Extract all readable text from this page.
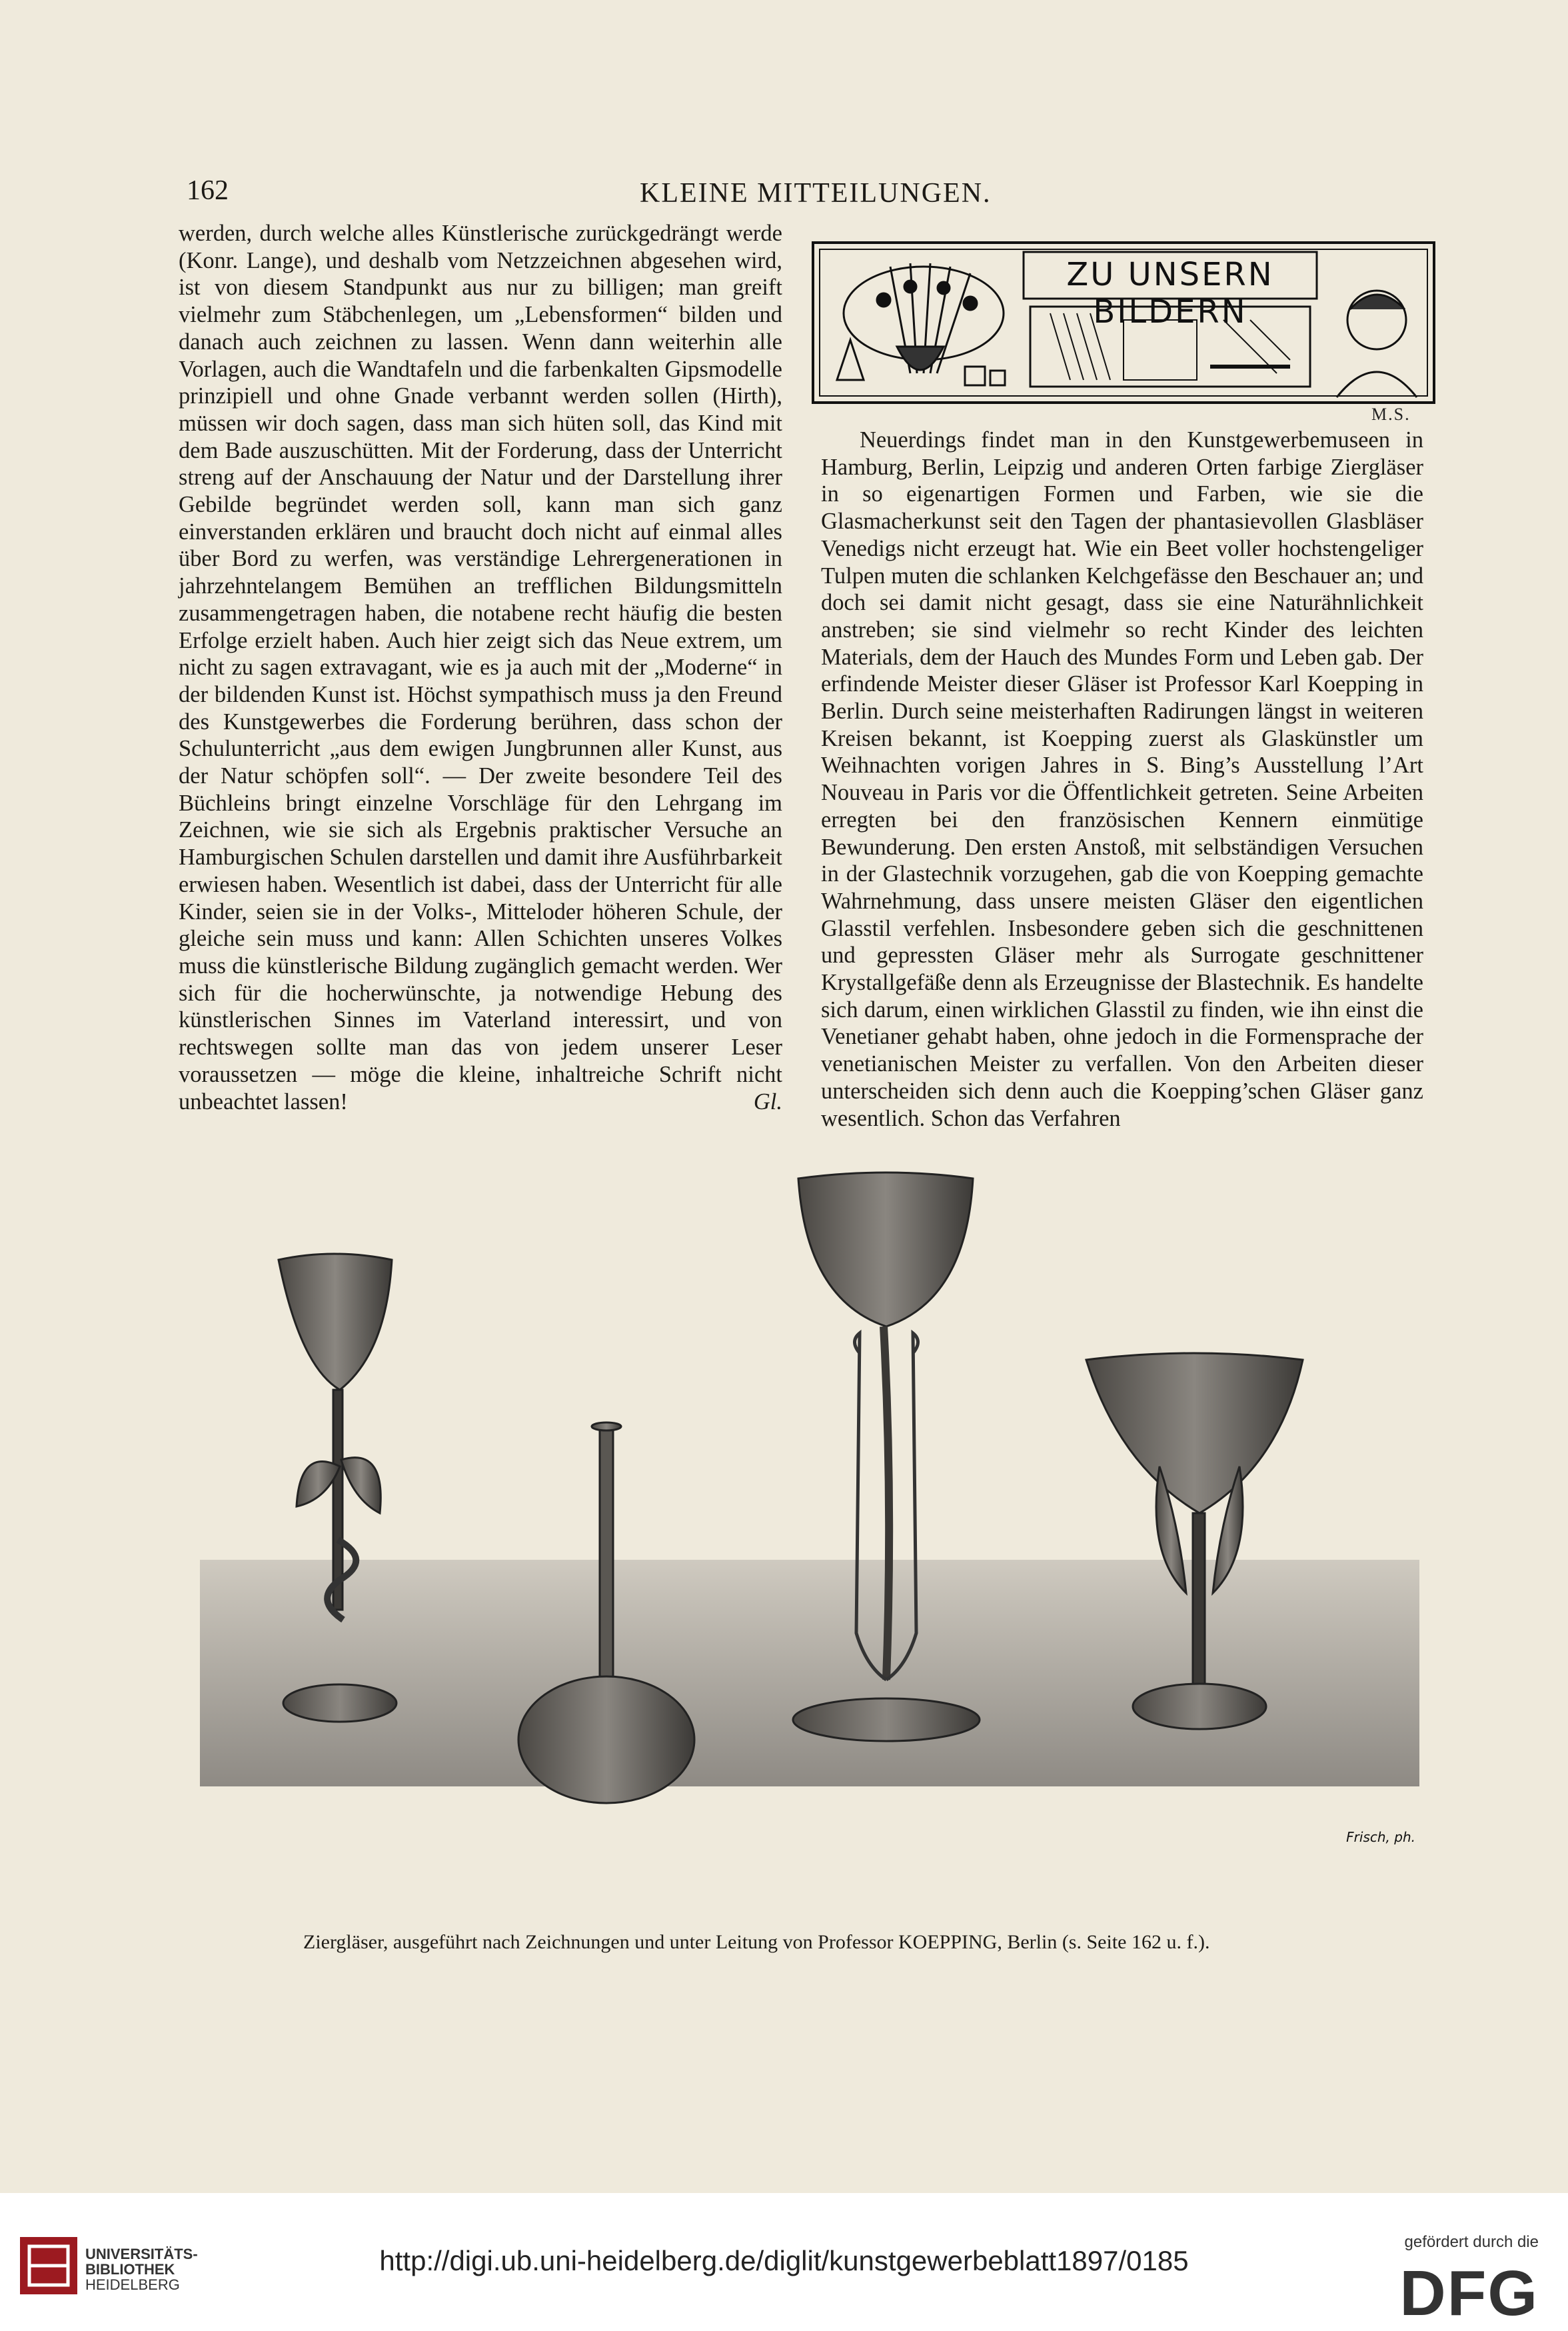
162	KLEINE MITTEILUNGEN.

werden, durch welche alles Künstlerische zurückgedrängt werde (Konr. Lange), und deshalb vom Netzzeichnen abgesehen wird, ist von diesem Standpunkt aus nur zu billigen; man greift vielmehr zum Stäbchenlegen, um „Lebensformen“ bilden und danach auch zeichnen zu lassen. Wenn dann weiterhin alle Vorlagen, auch die Wandtafeln und die farbenkalten Gipsmodelle prinzipiell und ohne Gnade verbannt werden sollen (Hirth), müssen wir doch sagen, dass man sich hüten soll, das Kind mit dem Bade auszuschütten. Mit der Forderung, dass der Unterricht streng auf der Anschauung der Natur und der Darstellung ihrer Gebilde begründet werden soll, kann man sich ganz einverstanden erklären und braucht doch nicht auf einmal alles über Bord zu werfen, was verständige Lehrergenerationen in jahrzehntelangem Bemühen an trefflichen Bildungsmitteln zusammengetragen haben, die notabene recht häufig die besten Erfolge erzielt haben. Auch hier zeigt sich das Neue extrem, um nicht zu sagen extravagant, wie es ja auch mit der „Moderne“ in der bildenden Kunst ist. Höchst sympathisch muss ja den Freund des Kunstgewerbes die Forderung berühren, dass schon der Schulunterricht „aus dem ewigen Jungbrunnen aller Kunst, aus der Natur schöpfen soll“. — Der zweite besondere Teil des Büchleins bringt einzelne Vorschläge für den Lehrgang im Zeichnen, wie sie sich als Ergebnis praktischer Versuche an Hamburgischen Schulen darstellen und damit ihre Ausführbarkeit erwiesen haben. Wesentlich ist dabei, dass der Unterricht für alle Kinder, seien sie in der Volks-, Mitteloder höheren Schule, der gleiche sein muss und kann: Allen Schichten unseres Volkes muss die künstlerische Bildung zugänglich gemacht werden. Wer sich für die hocherwünschte, ja notwendige Hebung des künstlerischen Sinnes im Vaterland interessirt, und von rechtswegen sollte man das von jedem unserer Leser voraussetzen — möge die kleine, inhaltreiche Schrift nicht unbeachtet lassen!	Gl.

ZU UNSERN BILDERN
M.S.

Neuerdings findet man in den Kunstgewerbemuseen in Hamburg, Berlin, Leipzig und anderen Orten farbige Ziergläser in so eigenartigen Formen und Farben, wie sie die Glasmacherkunst seit den Tagen der phantasievollen Glasbläser Venedigs nicht erzeugt hat. Wie ein Beet voller hochstengeliger Tulpen muten die schlanken Kelchgefässe den Beschauer an; und doch sei damit nicht gesagt, dass sie eine Naturähnlichkeit anstreben; sie sind vielmehr so recht Kinder des leichten Materials, dem der Hauch des Mundes Form und Leben gab. Der erfindende Meister dieser Gläser ist Professor Karl Koepping in Berlin. Durch seine meisterhaften Radirungen längst in weiteren Kreisen bekannt, ist Koepping zuerst als Glaskünstler um Weihnachten vorigen Jahres in S. Bing’s Ausstellung l’Art Nouveau in Paris vor die Öffentlichkeit getreten. Seine Arbeiten erregten bei den französischen Kennern einmütige Bewunderung. Den ersten Anstoß, mit selbständigen Versuchen in der Glastechnik vorzugehen, gab die von Koepping gemachte Wahrnehmung, dass unsere meisten Gläser den eigentlichen Glasstil verfehlen. Insbesondere geben sich die geschnittenen und gepressten Gläser mehr als Surrogate geschnittener Krystallgefäße denn als Erzeugnisse der Blastechnik. Es handelte sich darum, einen wirklichen Glasstil zu finden, wie ihn einst die Venetianer gehabt haben, ohne jedoch in die Formensprache der venetianischen Meister zu verfallen. Von den Arbeiten dieser unterscheiden sich denn auch die Koepping’schen Gläser ganz wesentlich. Schon das Verfahren

Frisch, ph.
Ziergläser, ausgeführt nach Zeichnungen und unter Leitung von Professor KOEPPING, Berlin (s. Seite 162 u. f.).
UNIVERSITÄTS-
BIBLIOTHEK
HEIDELBERG
http://digi.ub.uni-heidelberg.de/diglit/kunstgewerbeblatt1897/0185
gefördert durch die
DFG
